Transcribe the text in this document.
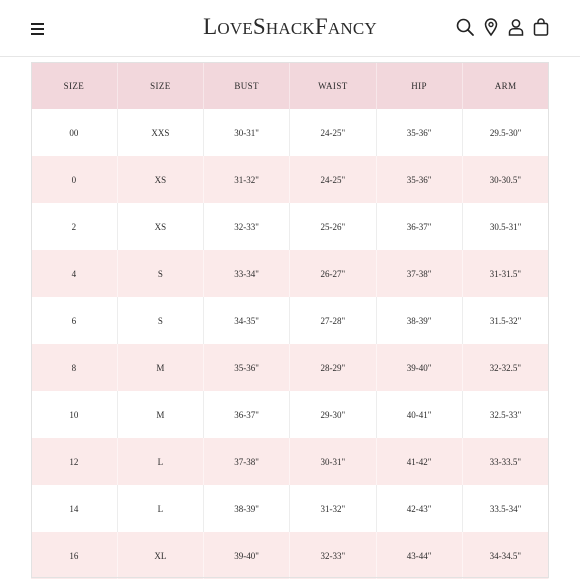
LOVESHACKFANCY
SIZE	SIZE	BUST	WAIST	HIP	ARM
00	XXS	30-31"	24-25"	35-36"	29.5-30"
0	XS	31-32"	24-25"	35-36"	30-30.5"
2	XS	32-33"	25-26"	36-37"	30.5-31"
4	S	33-34"	26-27"	37-38"	31-31.5"
6	S	34-35"	27-28"	38-39"	31.5-32"
8	M	35-36"	28-29"	39-40"	32-32.5"
10	M	36-37"	29-30"	40-41"	32.5-33"
12	L	37-38"	30-31"	41-42"	33-33.5"
14	L	38-39"	31-32"	42-43"	33.5-34"
16	XL	39-40"	32-33"	43-44"	34-34.5"
